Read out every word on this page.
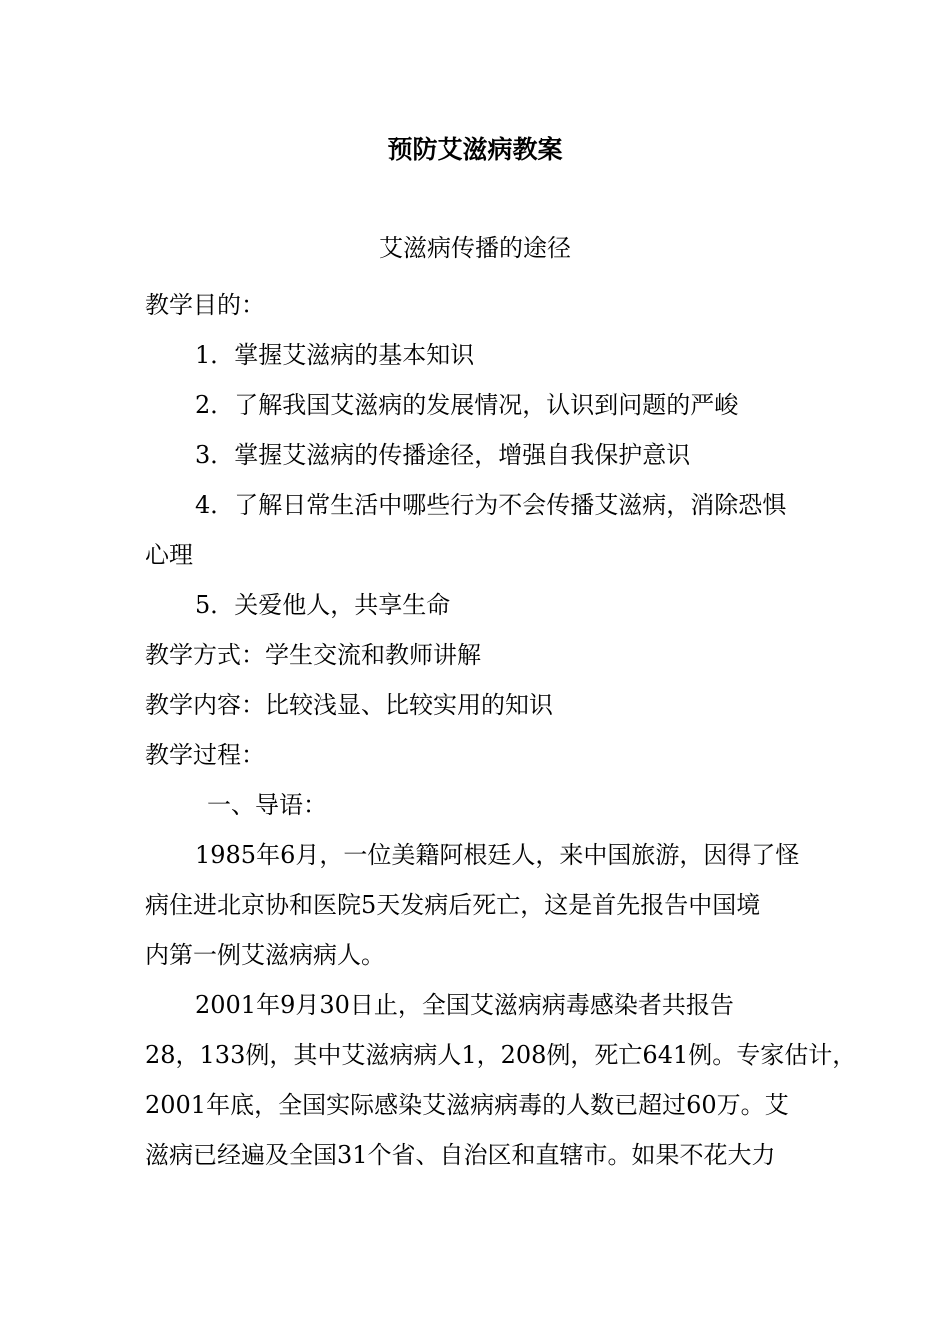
预防艾滋病教案
艾滋病传播的途径
教学目的：
1．掌握艾滋病的基本知识
2．了解我国艾滋病的发展情况，认识到问题的严峻
3．掌握艾滋病的传播途径，增强自我保护意识
4．了解日常生活中哪些行为不会传播艾滋病，消除恐惧
心理
5．关爱他人，共享生命
教学方式：学生交流和教师讲解
教学内容：比较浅显、比较实用的知识
教学过程：
一、导语：
1985年6月，一位美籍阿根廷人，来中国旅游，因得了怪
病住进北京协和医院5天发病后死亡，这是首先报告中国境
内第一例艾滋病病人。
2001年9月30日止，全国艾滋病病毒感染者共报告
28，133例，其中艾滋病病人1，208例，死亡641例。专家估计，
2001年底，全国实际感染艾滋病病毒的人数已超过60万。艾
滋病已经遍及全国31个省、自治区和直辖市。如果不花大力
